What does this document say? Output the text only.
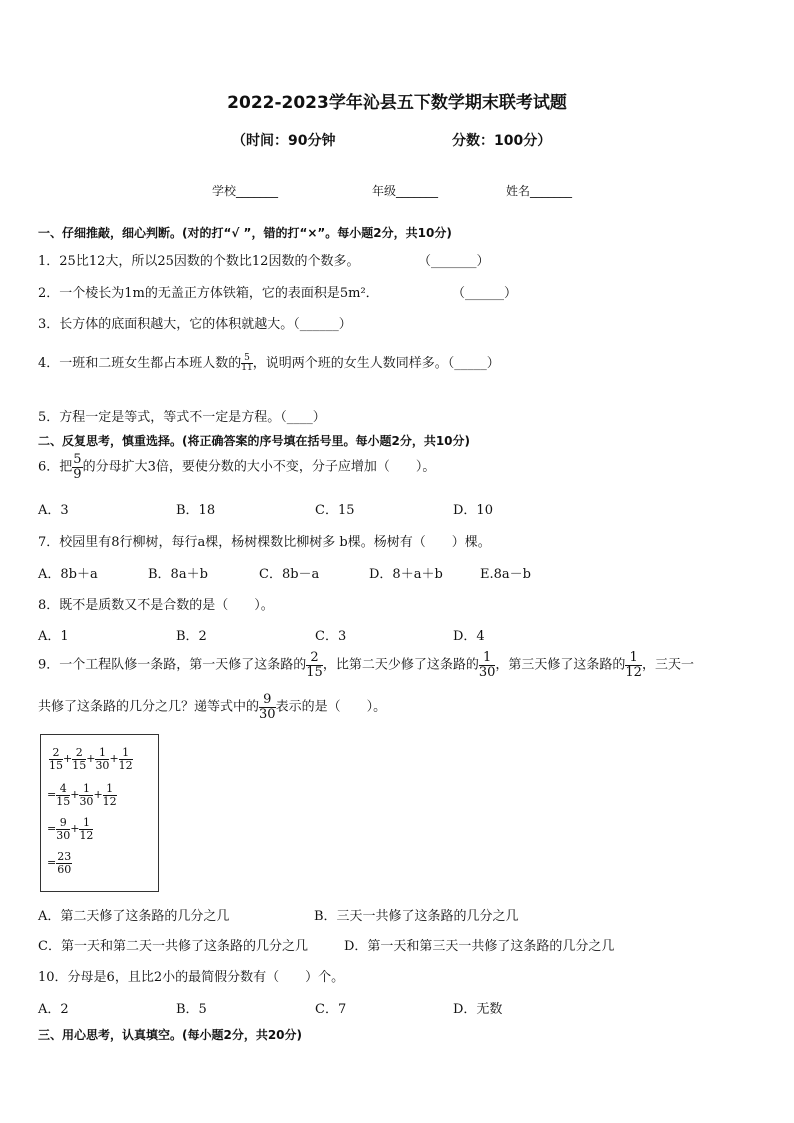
2022-2023学年沁县五下数学期末联考试题
（时间：90分钟	分数：100分）
学校_______	年级_______	姓名_______
一、仔细推敲，细心判断。(对的打“√ ”，错的打“×”。每小题2分，共10分)
1．25比12大，所以25因数的个数比12因数的个数多。	（_______）
2．一个棱长为1m的无盖正方体铁箱，它的表面积是5m²．	（______）
3．长方体的底面积越大，它的体积就越大。（______）
4．一班和二班女生都占本班人数的 $\frac{5}{11}$ ，说明两个班的女生人数同样多。（_____）
5．方程一定是等式，等式不一定是方程。（____）
二、反复思考，慎重选择。(将正确答案的序号填在括号里。每小题2分，共10分)
6．把 $\frac{5}{9}$ 的分母扩大3倍，要使分数的大小不变，分子应增加（　　）。
A．3	B．18	C．15	D．10
7．校园里有8行柳树，每行a棵，杨树棵数比柳树多 b棵。杨树有（　　）棵。
A．8b＋a	B．8a＋b	C．8b－a	D．8＋a＋b	E.8a－b
8．既不是质数又不是合数的是（　　）。
A．1	B．2	C．3	D．4
9．一个工程队修一条路，第一天修了这条路的 $\frac{2}{15}$ ，比第二天少修了这条路的 $\frac{1}{30}$ ，第三天修了这条路的 $\frac{1}{12}$ ，三天一
共修了这条路的几分之几？递等式中的 $\frac{9}{30}$ 表示的是（　　）。
$\frac{2}{15} + \frac{2}{15} + \frac{1}{30} + \frac{1}{12}$
= $\frac{4}{15} + \frac{1}{30} + \frac{1}{12}$
= $\frac{9}{30} + \frac{1}{12}$
= $\frac{23}{60}$
A．第二天修了这条路的几分之几	B．三天一共修了这条路的几分之几
C．第一天和第二天一共修了这条路的几分之几	D．第一天和第三天一共修了这条路的几分之几
10．分母是6，且比2小的最简假分数有（　　）个。
A．2	B．5	C．7	D．无数
三、用心思考，认真填空。(每小题2分，共20分)
